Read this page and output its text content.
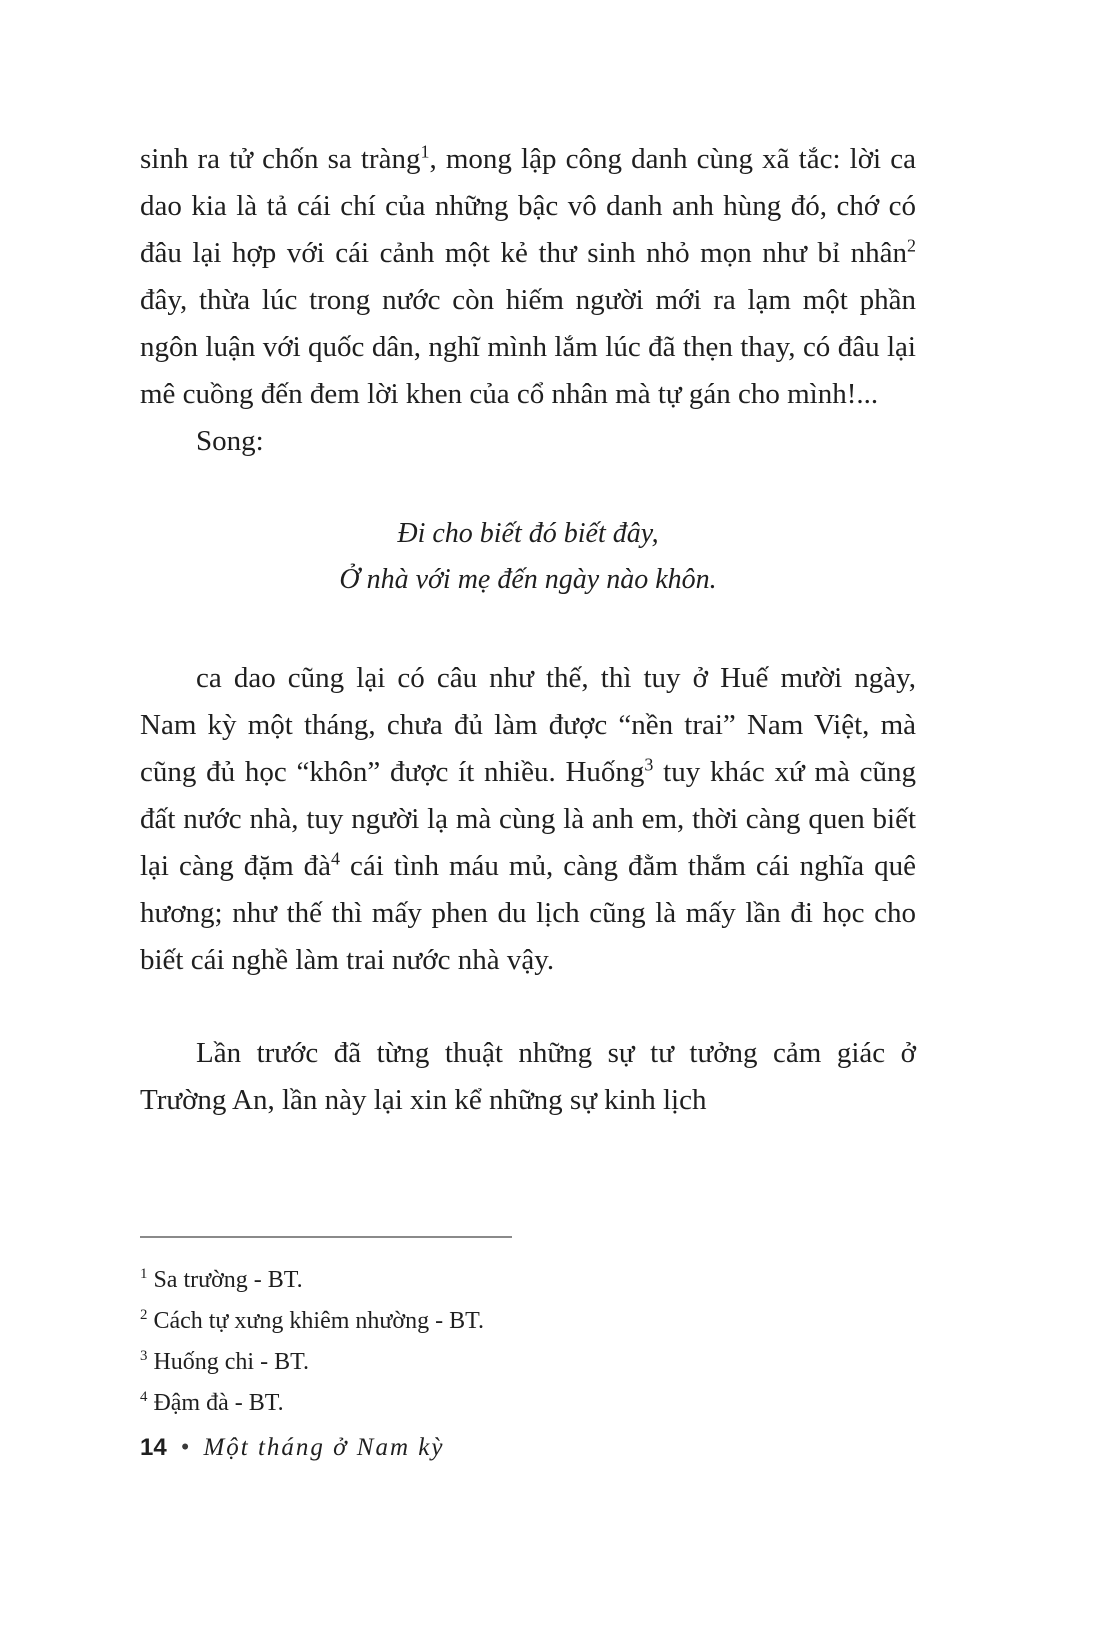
sinh ra tử chốn sa tràng$^1$, mong lập công danh cùng xã tắc: lời ca dao kia là tả cái chí của những bậc vô danh anh hùng đó, chớ có đâu lại hợp với cái cảnh một kẻ thư sinh nhỏ mọn như bỉ nhân$^2$ đây, thừa lúc trong nước còn hiếm người mới ra lạm một phần ngôn luận với quốc dân, nghĩ mình lắm lúc đã thẹn thay, có đâu lại mê cuồng đến đem lời khen của cổ nhân mà tự gán cho mình!...

Song:

Đi cho biết đó biết đây,
Ở nhà với mẹ đến ngày nào khôn.

ca dao cũng lại có câu như thế, thì tuy ở Huế mười ngày, Nam kỳ một tháng, chưa đủ làm được “nền trai” Nam Việt, mà cũng đủ học “khôn” được ít nhiều. Huống$^3$ tuy khác xứ mà cũng đất nước nhà, tuy người lạ mà cùng là anh em, thời càng quen biết lại càng đặm đà$^4$ cái tình máu mủ, càng đằm thắm cái nghĩa quê hương; như thế thì mấy phen du lịch cũng là mấy lần đi học cho biết cái nghề làm trai nước nhà vậy.

Lần trước đã từng thuật những sự tư tưởng cảm giác ở Trường An, lần này lại xin kể những sự kinh lịch

$^1$ Sa trường - BT.
$^2$ Cách tự xưng khiêm nhường - BT.
$^3$ Huống chi - BT.
$^4$ Đậm đà - BT.
14 • Một tháng ở Nam kỳ
